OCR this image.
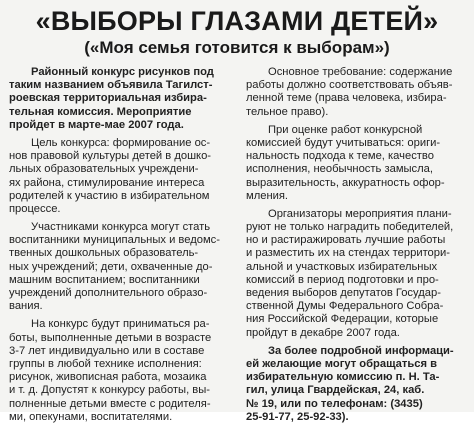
«ВЫБОРЫ ГЛАЗАМИ ДЕТЕЙ»
(«Моя семья готовится к выборам»)
Районный конкурс рисунков под
таким названием объявила Тагилст-
роевская территориальная избира-
тельная комиссия. Мероприятие
пройдет в марте-мае 2007 года.
Цель конкурса: формирование ос-
нов правовой культуры детей в дошко-
льных образовательных учреждени-
ях района, стимулирование интереса
родителей к участию в избирательном
процессе.
Участниками конкурса могут стать
воспитанники муниципальных и ведомс-
твенных дошкольных образователь-
ных учреждений; дети, охваченные до-
машним воспитанием; воспитанники
учреждений дополнительного образо-
вания.
На конкурс будут приниматься ра-
боты, выполненные детьми в возрасте
3-7 лет индивидуально или в составе
группы в любой технике исполнения:
рисунок, живописная работа, мозаика
и т. д. Допустят к конкурсу работы, вы-
полненные детьми вместе с родителя-
ми, опекунами, воспитателями.
Основное требование: содержание
работы должно соответствовать объяв-
ленной теме (права человека, избира-
тельное право).
При оценке работ конкурсной
комиссией будут учитываться: ориги-
нальность подхода к теме, качество
исполнения, необычность замысла,
выразительность, аккуратность офор-
мления.
Организаторы мероприятия плани-
руют не только наградить победителей,
но и растиражировать лучшие работы
и разместить их на стендах территори-
альной и участковых избирательных
комиссий в период подготовки и про-
ведения выборов депутатов Государ-
ственной Думы Федерального Собра-
ния Российской Федерации, которые
пройдут в декабре 2007 года.
За более подробной информаци-
ей желающие могут обращаться в
избирательную комиссию п. Н. Та-
гил, улица Гвардейская, 24, каб.
№ 19, или по телефонам: (3435)
25-91-77, 25-92-33).
